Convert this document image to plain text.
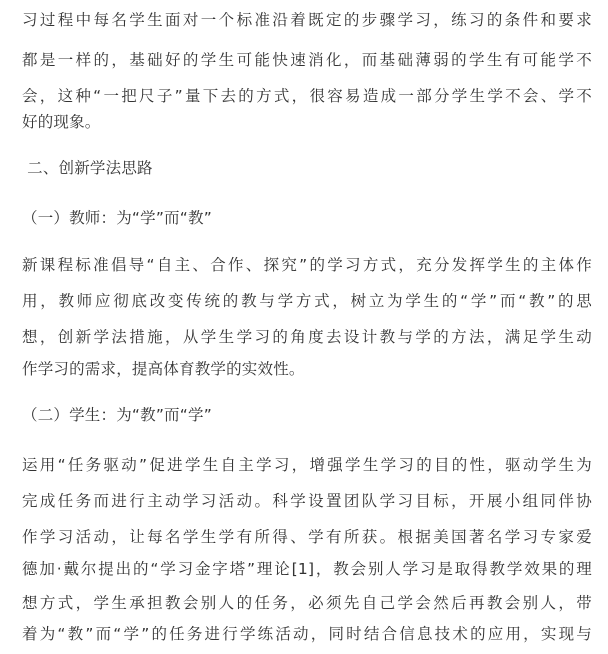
习过程中每名学生面对一个标准沿着既定的步骤学习，练习的条件和要求
都是一样的，基础好的学生可能快速消化，而基础薄弱的学生有可能学不
会，这种“一把尺子”量下去的方式，很容易造成一部分学生学不会、学不
好的现象。
二、创新学法思路
（一）教师：为“学”而“教”
新课程标准倡导“自主、合作、探究”的学习方式，充分发挥学生的主体作
用，教师应彻底改变传统的教与学方式，树立为学生的“学”而“教”的思
想，创新学法措施，从学生学习的角度去设计教与学的方法，满足学生动
作学习的需求，提高体育教学的实效性。
（二）学生：为“教”而“学”
运用“任务驱动”促进学生自主学习，增强学生学习的目的性，驱动学生为
完成任务而进行主动学习活动。科学设置团队学习目标，开展小组同伴协
作学习活动，让每名学生学有所得、学有所获。根据美国著名学习专家爱
德加·戴尔提出的“学习金字塔”理论[1]，教会别人学习是取得教学效果的理
想方式，学生承担教会别人的任务，必须先自己学会然后再教会别人，带
着为“教”而“学”的任务进行学练活动，同时结合信息技术的应用，实现与
